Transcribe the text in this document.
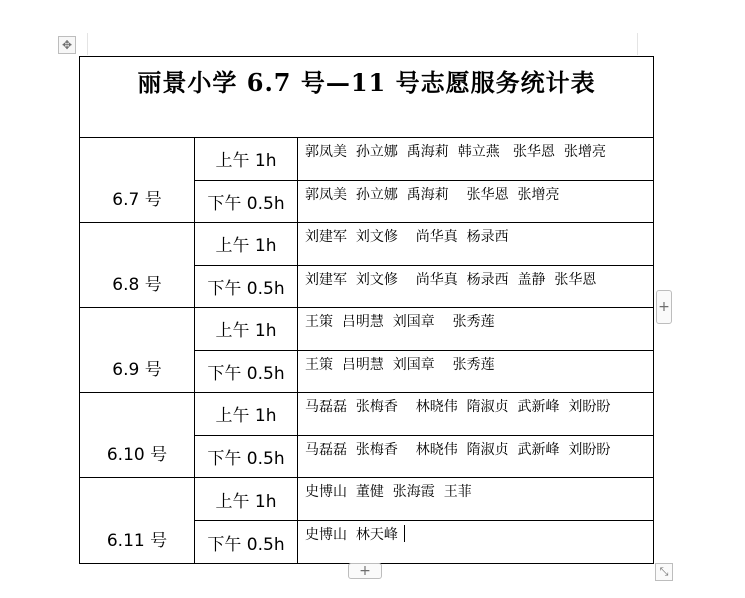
✥
丽景小学 6.7 号—11 号志愿服务统计表
6.7 号
上午 1h	郭凤美  孙立娜  禹海莉  韩立燕   张华恩  张增亮
下午 0.5h	郭凤美  孙立娜  禹海莉    张华恩  张增亮
6.8 号
上午 1h	刘建军  刘文修    尚华真  杨录西
下午 0.5h	刘建军  刘文修    尚华真  杨录西  盖静  张华恩
6.9 号
上午 1h	王策  吕明慧  刘国章    张秀莲
下午 0.5h	王策  吕明慧  刘国章    张秀莲
6.10 号
上午 1h	马磊磊  张梅香    林晓伟  隋淑贞  武新峰  刘盼盼
下午 0.5h	马磊磊  张梅香    林晓伟  隋淑贞  武新峰  刘盼盼
6.11 号
上午 1h	史博山  董健  张海霞  王菲
下午 0.5h	史博山  林天峰
+
+	⤡
